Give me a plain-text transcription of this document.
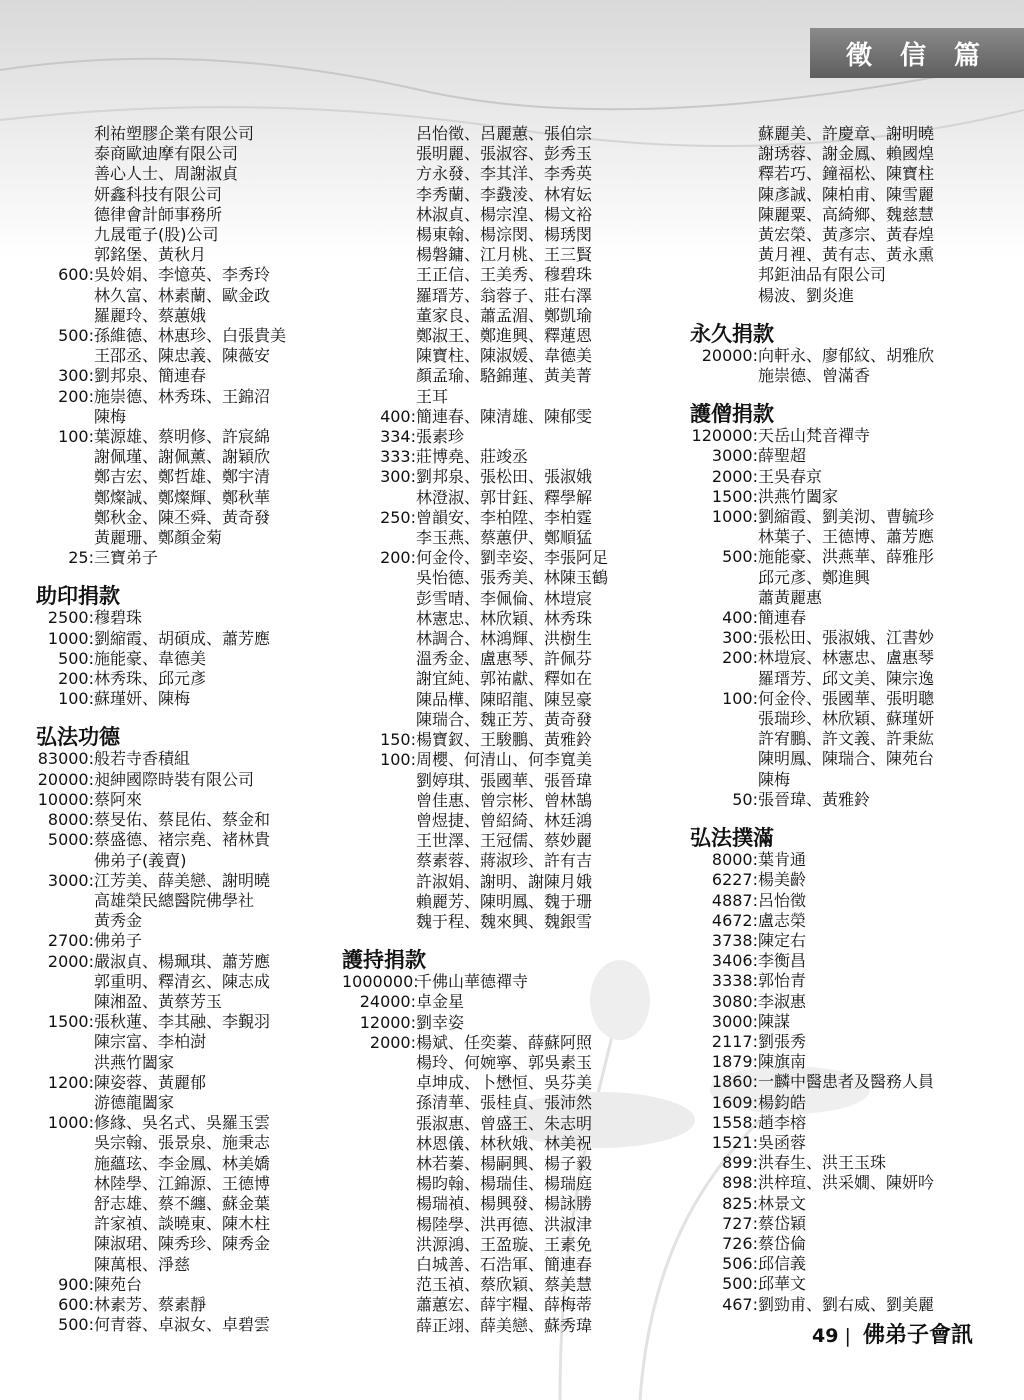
徵信篇
利祐塑膠企業有限公司
泰商歐迪摩有限公司
善心人士、周謝淑貞
妍鑫科技有限公司
德律會計師事務所
九晟電子(股)公司
郭銘堡、黃秋月
600: 吳姈娟、李憶英、李秀玲
林久富、林素蘭、歐金政
羅麗玲、蔡蕙娥
500: 孫維德、林惠珍、白張貴美
王邵丞、陳忠義、陳薇安
300: 劉邦泉、簡連春
200: 施崇德、林秀珠、王錦沼
陳梅
100: 葉源雄、蔡明修、許宸綿
謝佩瑾、謝佩薰、謝穎欣
鄭吉宏、鄭哲雄、鄭宇清
鄭燦誠、鄭燦輝、鄭秋華
鄭秋金、陳丕舜、黃奇發
黃麗珊、鄭顏金菊
25: 三寶弟子
助印捐款
2500: 穆碧珠
1000: 劉縮霞、胡碩成、蕭芳應
500: 施能豪、韋德美
200: 林秀珠、邱元彥
100: 蘇瑾妍、陳梅
弘法功德
83000: 般若寺香積組
20000: 昶紳國際時裝有限公司
10000: 蔡阿來
8000: 蔡旻佑、蔡昆佑、蔡金和
5000: 蔡盛德、褚宗堯、褚林貴
佛弟子(義賣)
3000: 江芳美、薛美戀、謝明曉
高雄榮民總醫院佛學社
黃秀金
2700: 佛弟子
2000: 嚴淑貞、楊珮琪、蕭芳應
郭重明、釋清玄、陳志成
陳湘盈、黃蔡芳玉
1500: 張秋蓮、李其融、李覲羽
陳宗富、李柏澍
洪燕竹闔家
1200: 陳姿蓉、黃麗郁
游德龍闔家
1000: 修緣、吳名式、吳羅玉雲
吳宗翰、張景泉、施秉志
施蘊玹、李金鳳、林美嬌
林陸學、江錦源、王德博
舒志雄、蔡不纏、蘇金葉
許家禎、談曉東、陳木柱
陳淑珺、陳秀珍、陳秀金
陳萬根、淨慈
900: 陳苑台
600: 林素芳、蔡素靜
500: 何青蓉、卓淑女、卓碧雲
呂怡徵、呂麗蕙、張伯宗
張明麗、張淑容、彭秀玉
方永發、李其洋、李秀英
李秀蘭、李鼗淩、林宥妘
林淑貞、楊宗湟、楊文裕
楊東翰、楊淙閔、楊琇閔
楊磐鏞、江月桃、王三賢
王正信、王美秀、穆碧珠
羅瑨芳、翁蓉子、莊右澤
董家良、蕭孟湄、鄭凱瑜
鄭淑王、鄭進興、釋蓮恩
陳寶柱、陳淑媛、韋德美
顏孟瑜、駱錦蓮、黃美菁
王耳
400: 簡連春、陳清雄、陳郁雯
334: 張素珍
333: 莊博堯、莊竣丞
300: 劉邦泉、張松田、張淑娥
林澄淑、郭甘鈺、釋學解
250: 曾韻安、李柏陞、李柏霆
李玉燕、蔡蕙伊、鄭順猛
200: 何金伶、劉幸姿、李張阿足
吳怡德、張秀美、林陳玉鶴
彭雪晴、李佩倫、林塏宸
林憲忠、林欣穎、林秀珠
林調合、林鴻輝、洪樹生
溫秀金、盧惠琴、許佩芬
謝宜純、郭祐獻、釋如在
陳品樺、陳昭龍、陳昱豪
陳瑞合、魏正芳、黃奇發
150: 楊寶釵、王駿鵬、黃雅鈴
100: 周櫻、何清山、何李寬美
劉婷琪、張國華、張晉瑋
曾佳惠、曾宗彬、曾林鵠
曾煜捷、曾紹綺、林廷鴻
王世澤、王冠儒、蔡妙麗
蔡素蓉、蔣淑珍、許有吉
許淑娟、謝明、謝陳月娥
賴麗芳、陳明鳳、魏于珊
魏于程、魏來興、魏銀雪
護持捐款
1000000:
千佛山華德禪寺
24000: 卓金星
12000: 劉幸姿
2000: 楊斌、任奕蓁、薛蘇阿照
楊玲、何婉寧、郭吳素玉
卓坤成、卜懋恒、吳芬美
孫清華、張桂貞、張沛然
張淑惠、曾盛王、朱志明
林恩儀、林秋娥、林美祝
林若蓁、楊嗣興、楊子毅
楊昀翰、楊瑞佳、楊瑞庭
楊瑞禎、楊興發、楊詠勝
楊陸學、洪再德、洪淑津
洪源鴻、王盈璇、王素免
白城善、石浩軍、簡連春
范玉禎、蔡欣穎、蔡美慧
蕭蕙宏、薛宇糧、薛梅蒂
薛正翊、薛美戀、蘇秀瑋
蘇麗美、許慶章、謝明曉
謝琇蓉、謝金鳳、賴國煌
釋若巧、鐘福松、陳寶柱
陳彥誠、陳柏甫、陳雪麗
陳麗粟、高綺鄉、魏慈慧
黃宏榮、黃彥宗、黃春煌
黃月裡、黃有志、黃永熏
邦鉅油品有限公司
楊波、劉炎進
永久捐款
20000: 向軒永、廖郁紋、胡雅欣
施崇德、曾滿香
護僧捐款
120000: 天岳山梵音禪寺
3000: 薛聖超
2000: 王吳春京
1500: 洪燕竹闔家
1000: 劉縮霞、劉美沏、曹毓珍
林葉子、王德博、蕭芳應
500: 施能豪、洪燕華、薛雅彤
邱元彥、鄭進興
蕭黃麗惠
400: 簡連春
300: 張松田、張淑娥、江書妙
200: 林塏宸、林憲忠、盧惠琴
羅瑨芳、邱文美、陳宗逸
100: 何金伶、張國華、張明聰
張瑞珍、林欣穎、蘇瑾妍
許宥鵬、許文義、許秉紘
陳明鳳、陳瑞合、陳苑台
陳梅
50: 張晉瑋、黃雅鈴
弘法撲滿
8000: 葉肯通
6227: 楊美齡
4887: 呂怡徵
4672: 盧志榮
3738: 陳定右
3406: 李衡昌
3338: 郭怡青
3080: 李淑惠
3000: 陳謀
2117: 劉張秀
1879: 陳旗南
1860: 一麟中醫患者及醫務人員
1609: 楊鈞皓
1558: 趙李榕
1521: 吳函蓉
899: 洪春生、洪王玉珠
898: 洪梓瑄、洪采嫺、陳妍吟
825: 林景文
727: 蔡岱穎
726: 蔡岱倫
506: 邱信義
500: 邱華文
467: 劉勁甫、劉右威、劉美麗
49 | 佛弟子會訊
